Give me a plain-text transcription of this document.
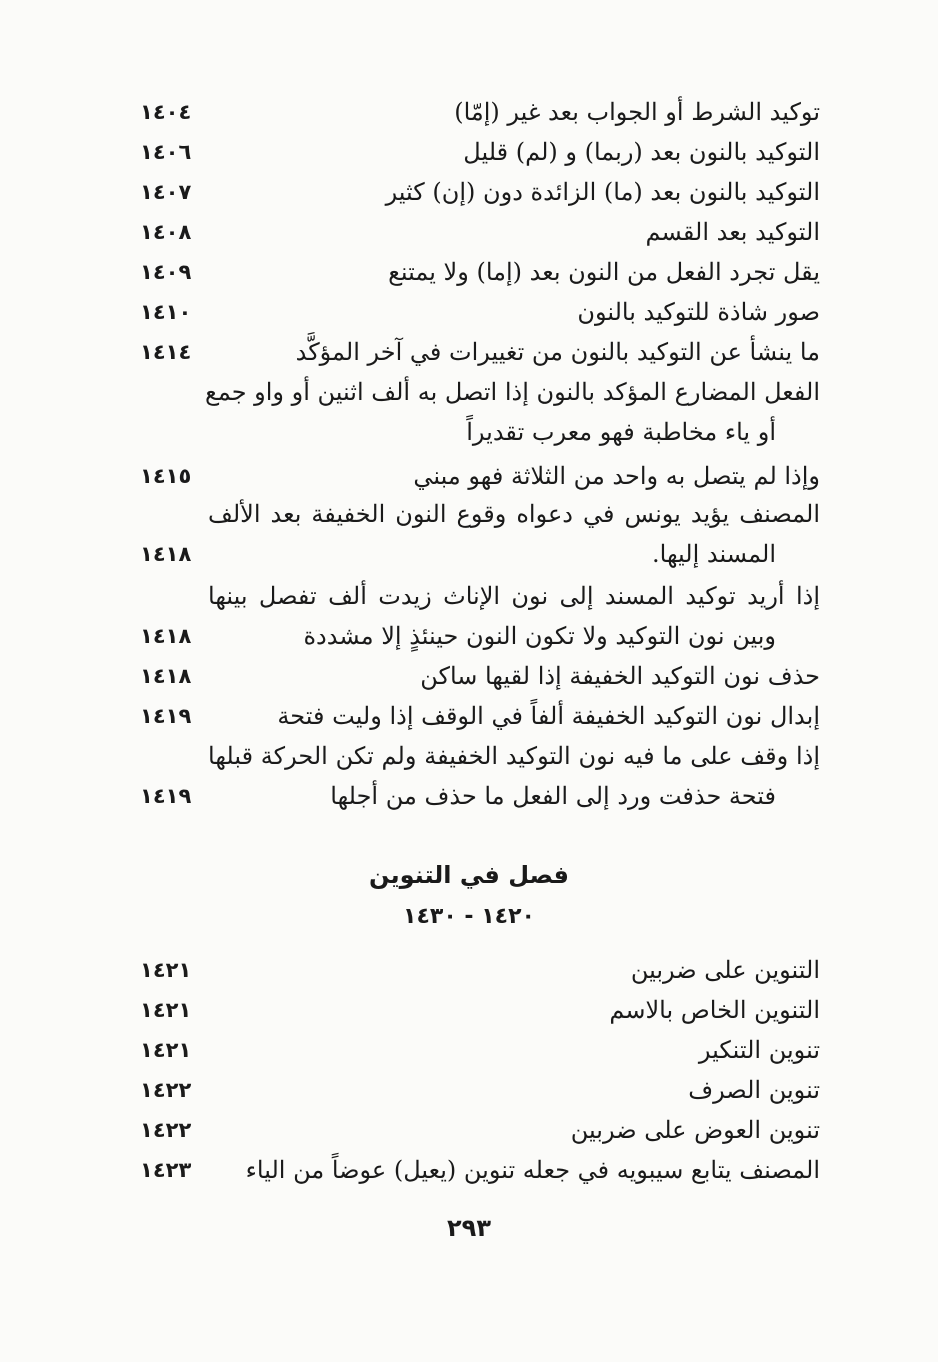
توكيد الشرط أو الجواب بعد غير (إمّا)
١٤٠٤
التوكيد بالنون بعد (ربما) و (لم) قليل
١٤٠٦
التوكيد بالنون بعد (ما) الزائدة دون (إن) كثير
١٤٠٧
التوكيد بعد القسم
١٤٠٨
يقل تجرد الفعل من النون بعد (إما) ولا يمتنع
١٤٠٩
صور شاذة للتوكيد بالنون
١٤١٠
ما ينشأ عن التوكيد بالنون من تغييرات في آخر المؤكَّد
١٤١٤
الفعل المضارع المؤكد بالنون إذا اتصل به ألف اثنين أو واو جمع
أو ياء مخاطبة فهو معرب تقديراً
وإذا لم يتصل به واحد من الثلاثة فهو مبني
١٤١٥
المصنف يؤيد يونس في دعواه وقوع النون الخفيفة بعد الألف
المسند إليها.
١٤١٨
إذا أريد توكيد المسند إلى نون الإناث زيدت ألف تفصل بينها
وبين نون التوكيد ولا تكون النون حينئذٍ إلا مشددة
١٤١٨
حذف نون التوكيد الخفيفة إذا لقيها ساكن
١٤١٨
إبدال نون التوكيد الخفيفة ألفاً في الوقف إذا وليت فتحة
١٤١٩
إذا وقف على ما فيه نون التوكيد الخفيفة ولم تكن الحركة قبلها
فتحة حذفت ورد إلى الفعل ما حذف من أجلها
١٤١٩
فصل في التنوين
١٤٢٠ - ١٤٣٠
التنوين على ضربين
١٤٢١
التنوين الخاص بالاسم
١٤٢١
تنوين التنكير
١٤٢١
تنوين الصرف
١٤٢٢
تنوين العوض على ضربين
١٤٢٢
المصنف يتابع سيبويه في جعله تنوين (يعيل) عوضاً من الياء
١٤٢٣
٢٩٣
